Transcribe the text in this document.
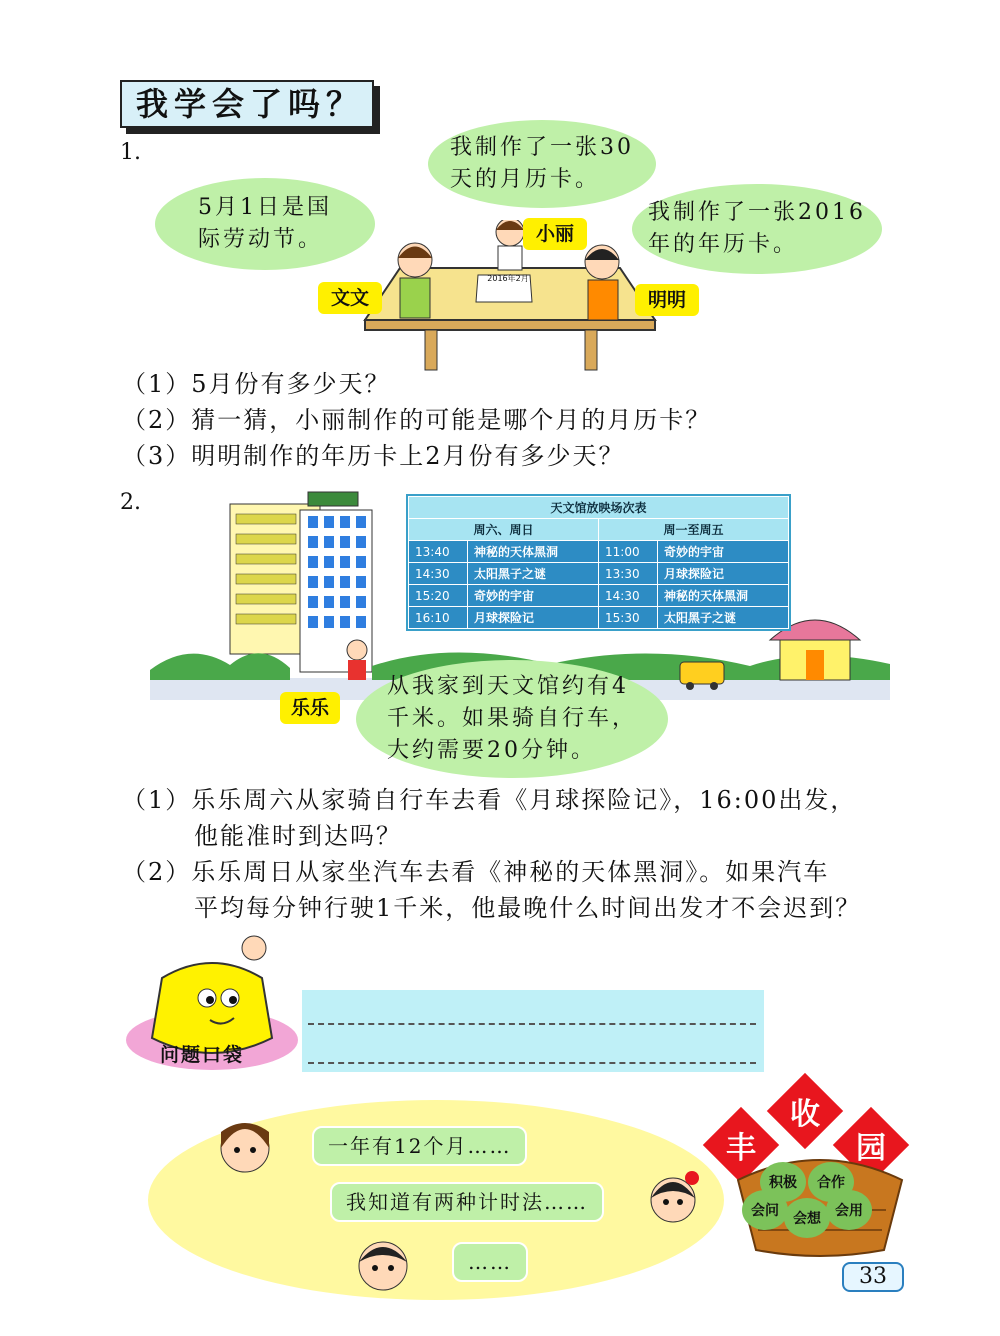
我学会了吗？
1.
5月1日是国
际劳动节。
我制作了一张30
天的月历卡。
我制作了一张2016
年的年历卡。
2016年2月
文文
小丽
明明
（1）5月份有多少天？
（2）猜一猜，小丽制作的可能是哪个月的月历卡？
（3）明明制作的年历卡上2月份有多少天？
2.	天文馆放映场次表			
周六、周日		周一至周五	
13:40	神秘的天体黑洞	11:00	奇妙的宇宙
14:30	太阳黑子之谜	13:30	月球探险记
15:20	奇妙的宇宙	14:30	神秘的天体黑洞
16:10	月球探险记	15:30	太阳黑子之谜
乐乐
从我家到天文馆约有4
千米。如果骑自行车，
大约需要20分钟。
（1）乐乐周六从家骑自行车去看《月球探险记》，16:00出发，
他能准时到达吗？
（2）乐乐周日从家坐汽车去看《神秘的天体黑洞》。如果汽车
平均每分钟行驶1千米，他最晚什么时间出发才不会迟到？
问题口袋
一年有12个月……
我知道有两种计时法……
……
丰
收
园
积极	合作
会问	会想	会用
33
